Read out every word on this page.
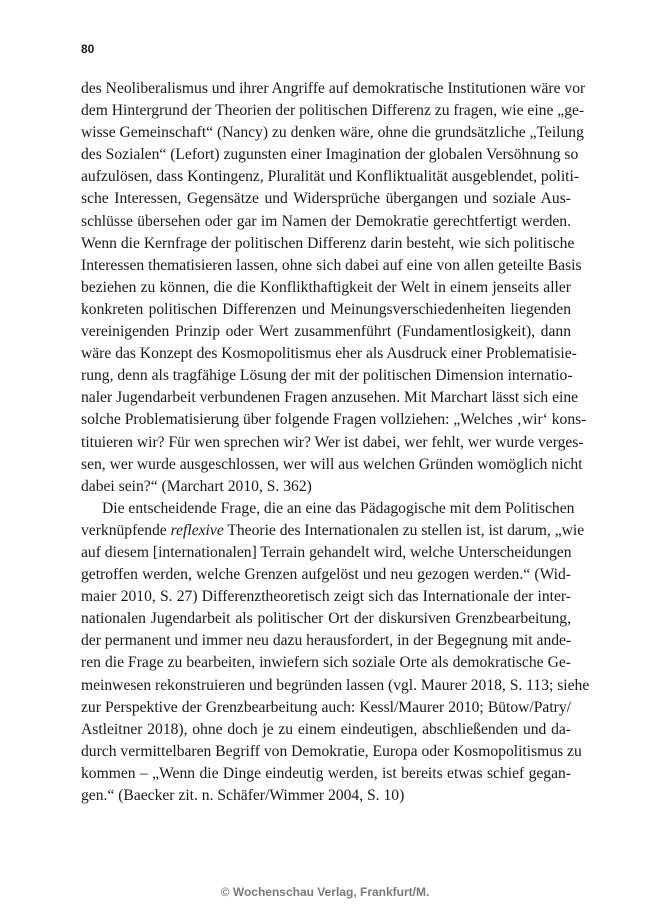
80
des Neoliberalismus und ihrer Angriffe auf demokratische Institutionen wäre vor
dem Hintergrund der Theorien der politischen Differenz zu fragen, wie eine „ge-
wisse Gemeinschaft“ (Nancy) zu denken wäre, ohne die grundsätzliche „Teilung
des Sozialen“ (Lefort) zugunsten einer Imagination der globalen Versöhnung so
aufzulösen, dass Kontingenz, Pluralität und Konfliktualität ausgeblendet, politi-
sche Interessen, Gegensätze und Widersprüche übergangen und soziale Aus-
schlüsse übersehen oder gar im Namen der Demokratie gerechtfertigt werden.
Wenn die Kernfrage der politischen Differenz darin besteht, wie sich politische
Interessen thematisieren lassen, ohne sich dabei auf eine von allen geteilte Basis
beziehen zu können, die die Konflikthaftigkeit der Welt in einem jenseits aller
konkreten politischen Differenzen und Meinungsverschiedenheiten liegenden
vereinigenden Prinzip oder Wert zusammenführt (Fundamentlosigkeit), dann
wäre das Konzept des Kosmopolitismus eher als Ausdruck einer Problematisie-
rung, denn als tragfähige Lösung der mit der politischen Dimension internatio-
naler Jugendarbeit verbundenen Fragen anzusehen. Mit Marchart lässt sich eine
solche Problematisierung über folgende Fragen vollziehen: „Welches ‚wir‘ kons-
tituieren wir? Für wen sprechen wir? Wer ist dabei, wer fehlt, wer wurde verges-
sen, wer wurde ausgeschlossen, wer will aus welchen Gründen womöglich nicht
dabei sein?“ (Marchart 2010, S. 362)
Die entscheidende Frage, die an eine das Pädagogische mit dem Politischen
verknüpfende reflexive Theorie des Internationalen zu stellen ist, ist darum, „wie
auf diesem [internationalen] Terrain gehandelt wird, welche Unterscheidungen
getroffen werden, welche Grenzen aufgelöst und neu gezogen werden.“ (Wid-
maier 2010, S. 27) Differenztheoretisch zeigt sich das Internationale der inter-
nationalen Jugendarbeit als politischer Ort der diskursiven Grenzbearbeitung,
der permanent und immer neu dazu herausfordert, in der Begegnung mit ande-
ren die Frage zu bearbeiten, inwiefern sich soziale Orte als demokratische Ge-
meinwesen rekonstruieren und begründen lassen (vgl. Maurer 2018, S. 113; siehe
zur Perspektive der Grenzbearbeitung auch: Kessl/Maurer 2010; Bütow/Patry/
Astleitner 2018), ohne doch je zu einem eindeutigen, abschließenden und da-
durch vermittelbaren Begriff von Demokratie, Europa oder Kosmopolitismus zu
kommen – „Wenn die Dinge eindeutig werden, ist bereits etwas schief gegan-
gen.“ (Baecker zit. n. Schäfer/Wimmer 2004, S. 10)
© Wochenschau Verlag, Frankfurt/M.
